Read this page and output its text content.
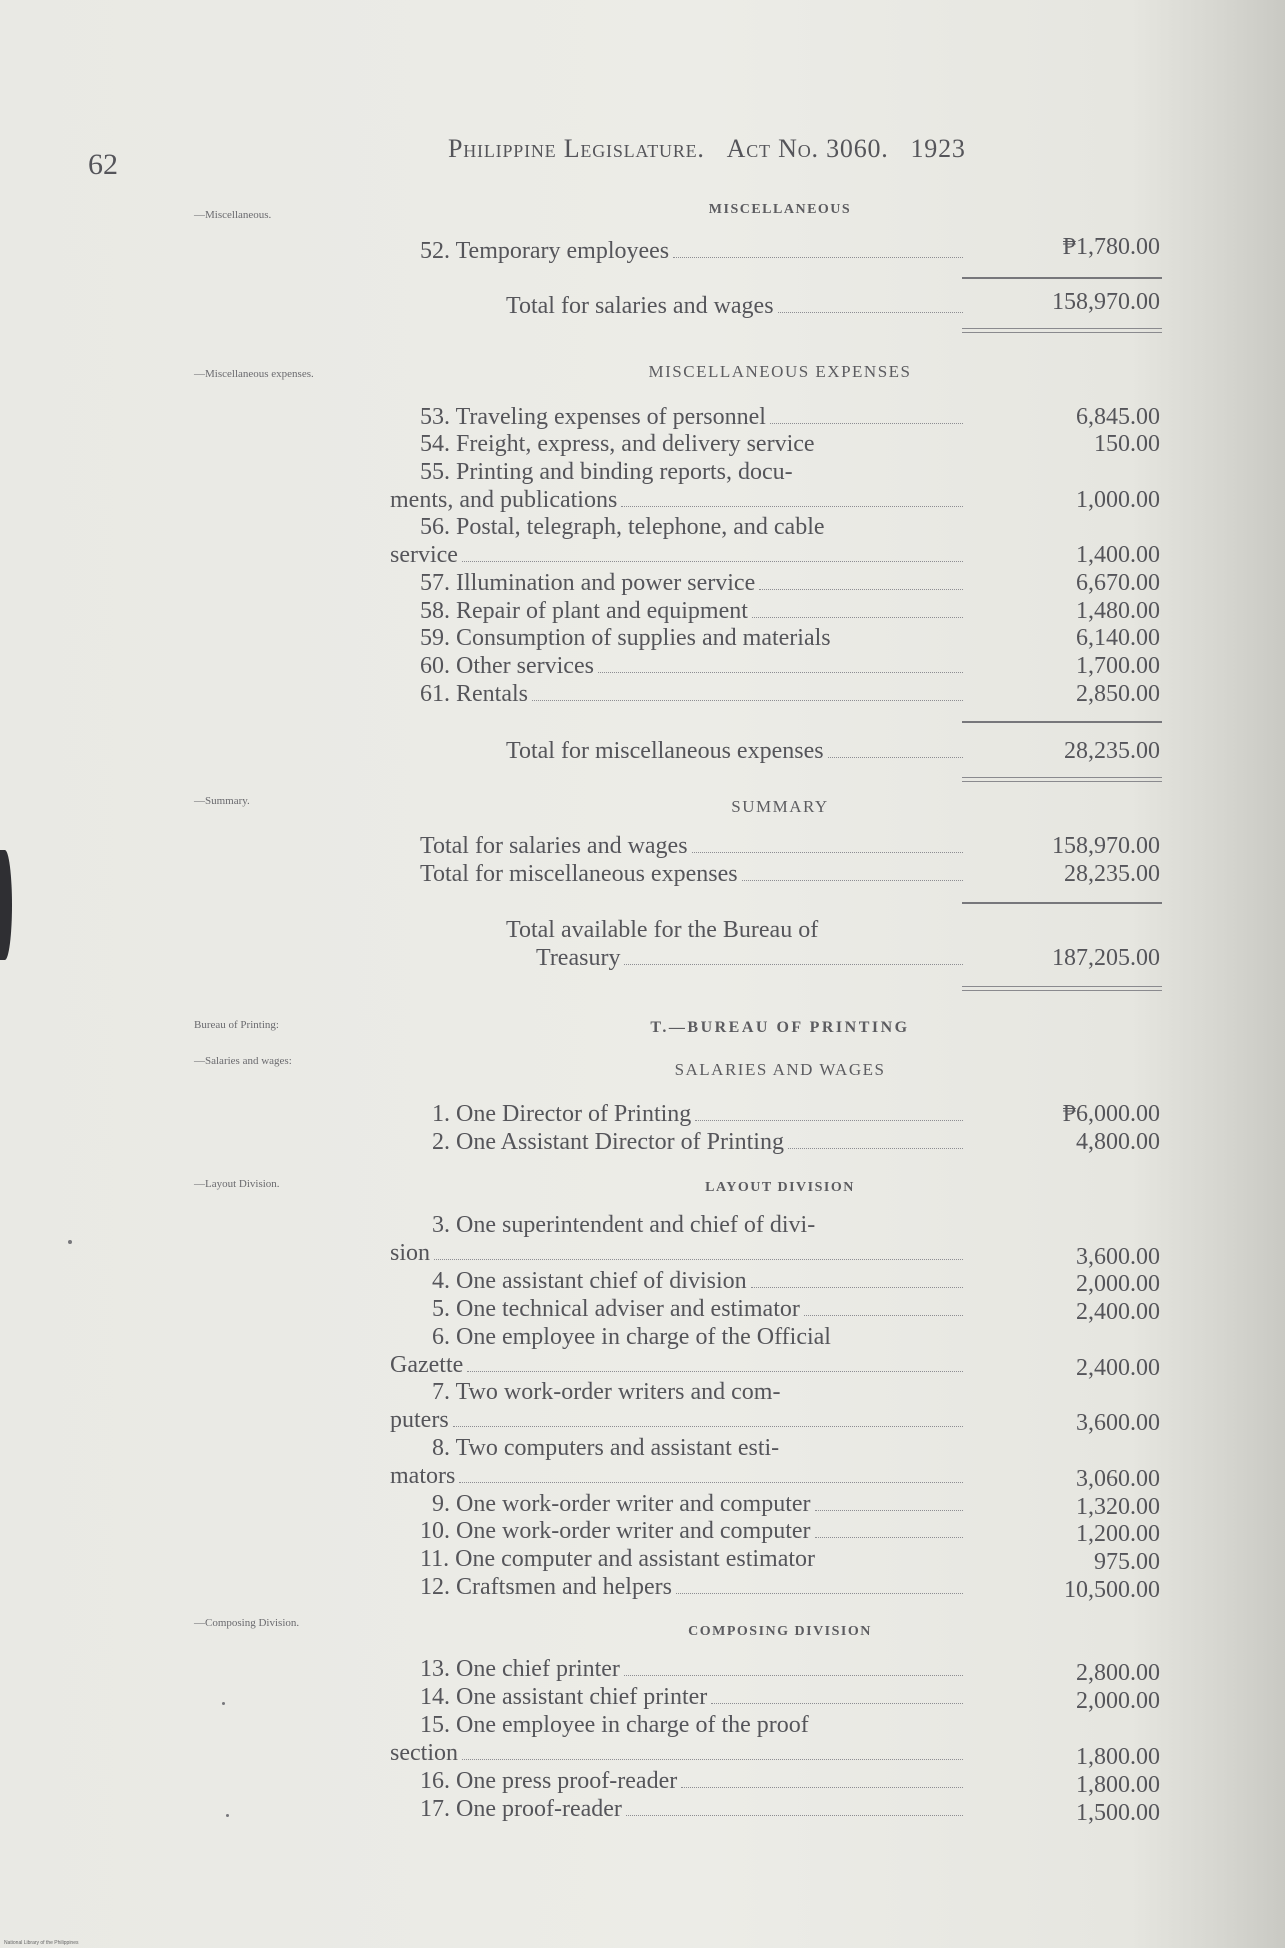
62	Philippine Legislature. Act No. 3060. 1923
—Miscellaneous.
—Miscellaneous expenses.
—Summary.
Bureau of Printing:
—Salaries and wages:
—Layout Division.
—Composing Division.
MISCELLANEOUS
52. Temporary employees	₱1,780.00
Total for salaries and wages	158,970.00
MISCELLANEOUS EXPENSES
53. Traveling expenses of personnel	6,845.00
54. Freight, express, and delivery service	150.00
55. Printing and binding reports, docu-
ments, and publications	1,000.00
56. Postal, telegraph, telephone, and cable
service	1,400.00
57. Illumination and power service	6,670.00
58. Repair of plant and equipment	1,480.00
59. Consumption of supplies and materials	6,140.00
60. Other services	1,700.00
61. Rentals	2,850.00
Total for miscellaneous expenses	28,235.00
SUMMARY
Total for salaries and wages	158,970.00
Total for miscellaneous expenses	28,235.00
Total available for the Bureau of
Treasury	187,205.00
T.—BUREAU OF PRINTING
SALARIES AND WAGES
1. One Director of Printing	₱6,000.00
2. One Assistant Director of Printing	4,800.00
LAYOUT DIVISION
3. One superintendent and chief of divi-
sion	3,600.00
4. One assistant chief of division	2,000.00
5. One technical adviser and estimator	2,400.00
6. One employee in charge of the Official
Gazette	2,400.00
7. Two work-order writers and com-
puters	3,600.00
8. Two computers and assistant esti-
mators	3,060.00
9. One work-order writer and computer	1,320.00
10. One work-order writer and computer	1,200.00
11. One computer and assistant estimator	975.00
12. Craftsmen and helpers	10,500.00
COMPOSING DIVISION
13. One chief printer	2,800.00
14. One assistant chief printer	2,000.00
15. One employee in charge of the proof
section	1,800.00
16. One press proof-reader	1,800.00
17. One proof-reader	1,500.00
National Library of the Philippines
